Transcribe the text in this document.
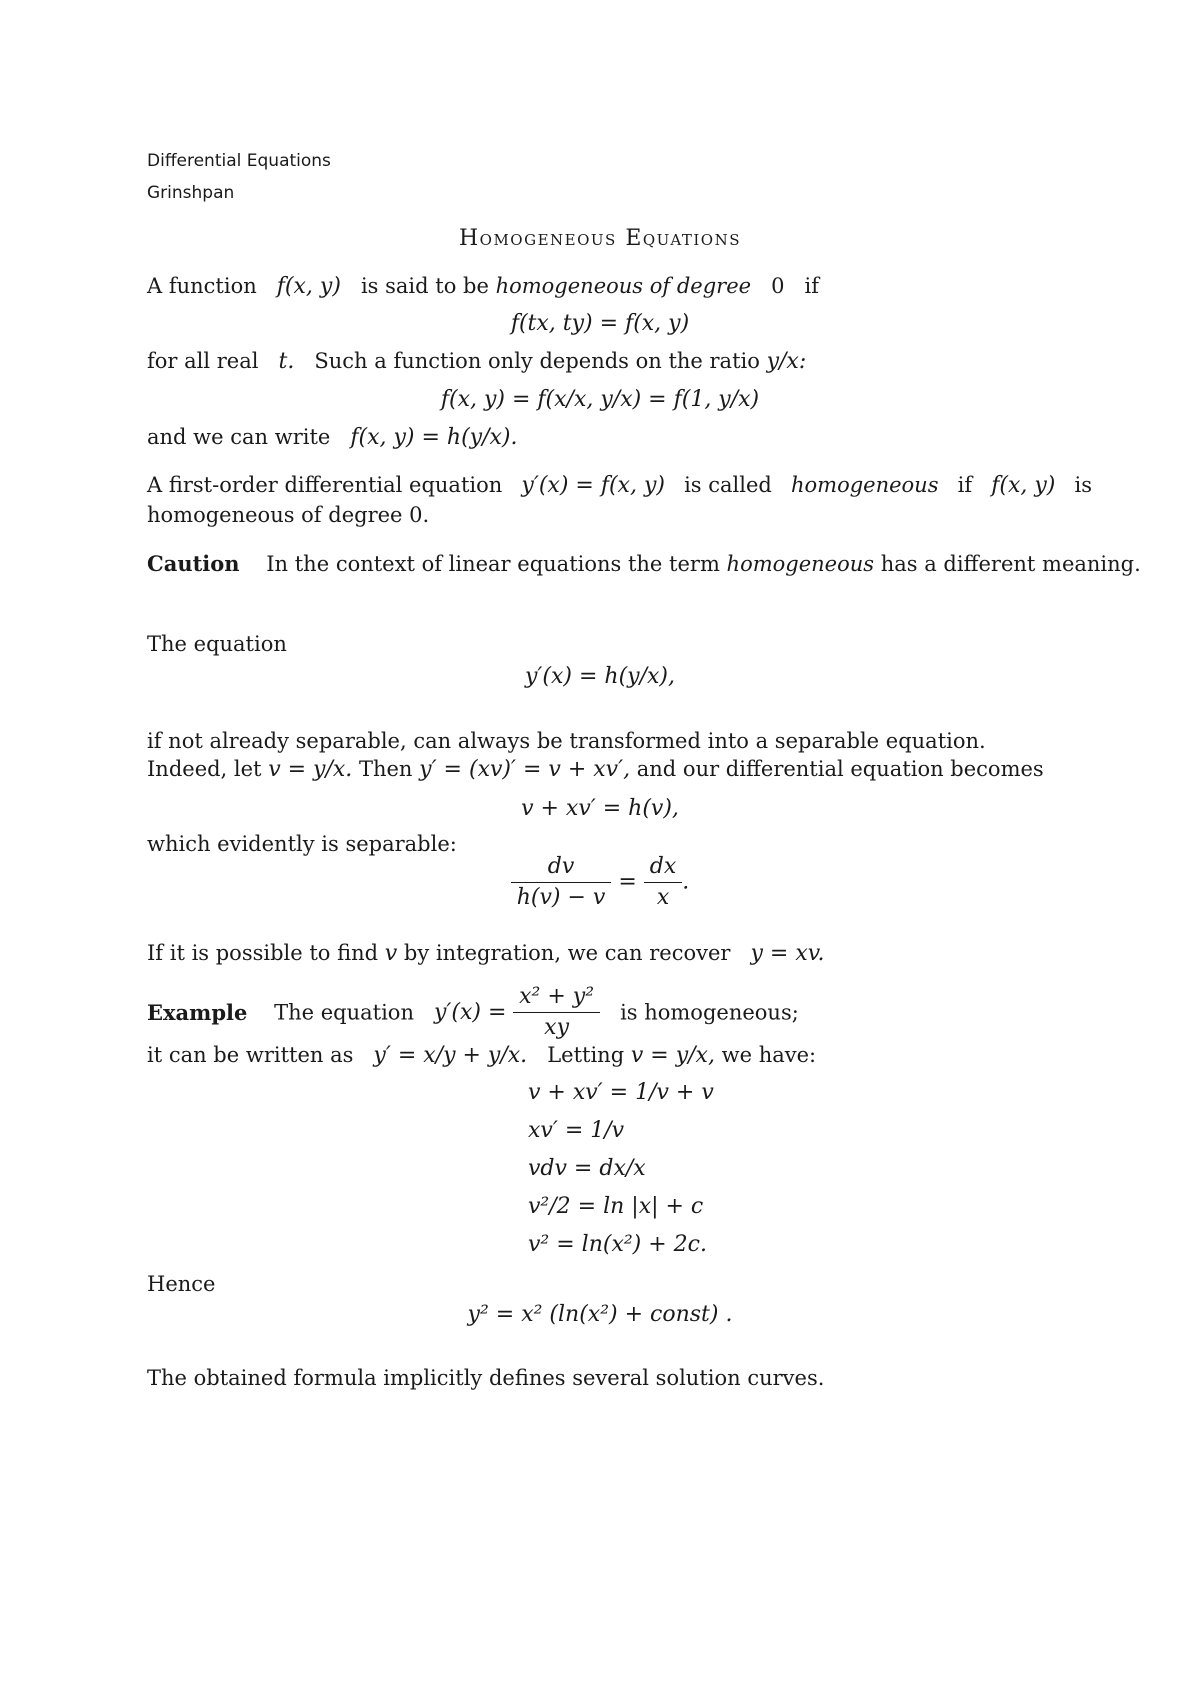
Differential Equations
Grinshpan
Homogeneous Equations
A function f(x, y) is said to be homogeneous of degree 0 if
f(tx, ty) = f(x, y)
for all real t. Such a function only depends on the ratio y/x:
f(x, y) = f(x/x, y/x) = f(1, y/x)
and we can write f(x, y) = h(y/x).
A first-order differential equation y′(x) = f(x, y) is called homogeneous if f(x, y) is
homogeneous of degree 0.
Caution In the context of linear equations the term homogeneous has a different meaning.
The equation
y′(x) = h(y/x),
if not already separable, can always be transformed into a separable equation.
Indeed, let v = y/x. Then y′ = (xv)′ = v + xv′, and our differential equation becomes
v + xv′ = h(v),
which evidently is separable:
$\frac{dv}{h(v) - v} = \frac{dx}{x}$ .
If it is possible to find v by integration, we can recover y = xv.
Example The equation $y'(x) = \frac{\text{x² + y²}}{xy}$ is homogeneous;
it can be written as y′ = x/y + y/x. Letting v = y/x, we have:
v + xv′ = 1/v + v
xv′ = 1/v
vdv = dx/x
v²/2 = ln |x| + c
v² = ln(x²) + 2c.
Hence
y² = x² (ln(x²) + const) .
The obtained formula implicitly defines several solution curves.
